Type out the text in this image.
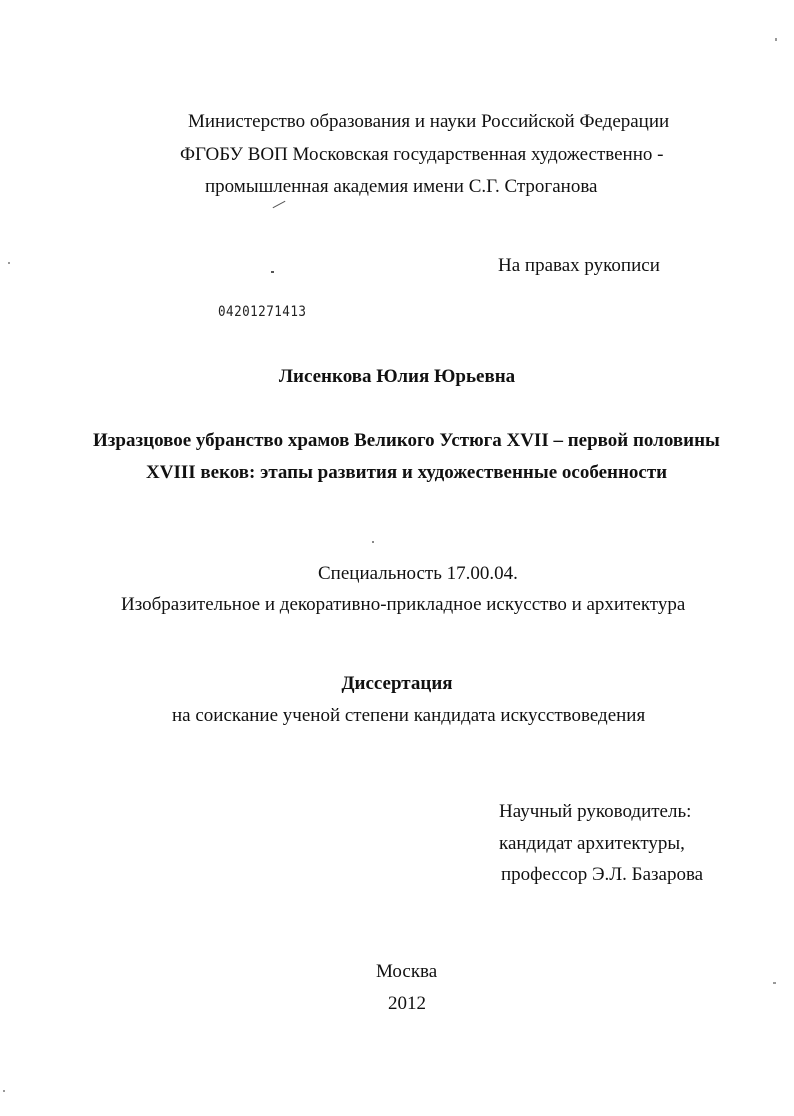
Министерство образования и науки Российской Федерации
ФГОБУ ВОП Московская государственная художественно -
промышленная академия имени С.Г. Строганова
На правах рукописи
04201271413
Лисенкова Юлия Юрьевна
Изразцовое убранство храмов Великого Устюга XVII – первой половины
XVIII веков: этапы развития и художественные особенности
Специальность 17.00.04.
Изобразительное и декоративно-прикладное искусство и архитектура
Диссертация
на соискание ученой степени кандидата искусствоведения
Научный руководитель:
кандидат архитектуры,
профессор Э.Л. Базарова
Москва
2012
